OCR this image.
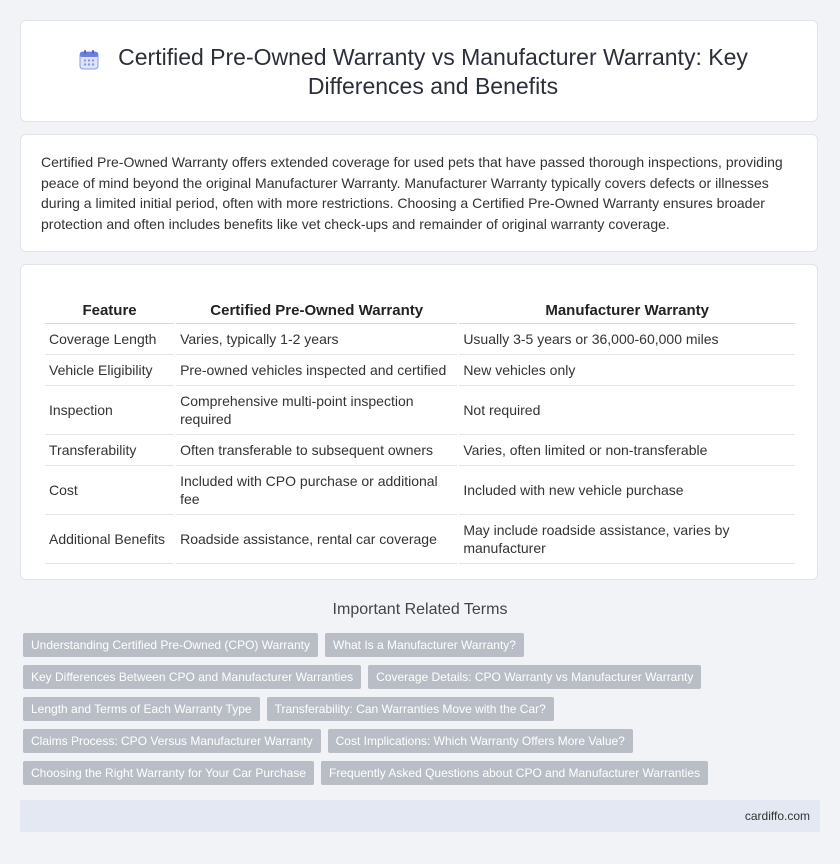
Certified Pre-Owned Warranty vs Manufacturer Warranty: Key Differences and Benefits

Certified Pre-Owned Warranty offers extended coverage for used pets that have passed thorough inspections, providing peace of mind beyond the original Manufacturer Warranty. Manufacturer Warranty typically covers defects or illnesses during a limited initial period, often with more restrictions. Choosing a Certified Pre-Owned Warranty ensures broader protection and often includes benefits like vet check-ups and remainder of original warranty coverage.

Feature	Certified Pre-Owned Warranty	Manufacturer Warranty
Coverage Length	Varies, typically 1-2 years	Usually 3-5 years or 36,000-60,000 miles
Vehicle Eligibility	Pre-owned vehicles inspected and certified	New vehicles only
Inspection	Comprehensive multi-point inspection required	Not required
Transferability	Often transferable to subsequent owners	Varies, often limited or non-transferable
Cost	Included with CPO purchase or additional fee	Included with new vehicle purchase
Additional Benefits	Roadside assistance, rental car coverage	May include roadside assistance, varies by manufacturer
Important Related Terms
Understanding Certified Pre-Owned (CPO) Warranty	What Is a Manufacturer Warranty?
Key Differences Between CPO and Manufacturer Warranties	Coverage Details: CPO Warranty vs Manufacturer Warranty
Length and Terms of Each Warranty Type	Transferability: Can Warranties Move with the Car?
Claims Process: CPO Versus Manufacturer Warranty	Cost Implications: Which Warranty Offers More Value?
Choosing the Right Warranty for Your Car Purchase	Frequently Asked Questions about CPO and Manufacturer Warranties
cardiffo.com
